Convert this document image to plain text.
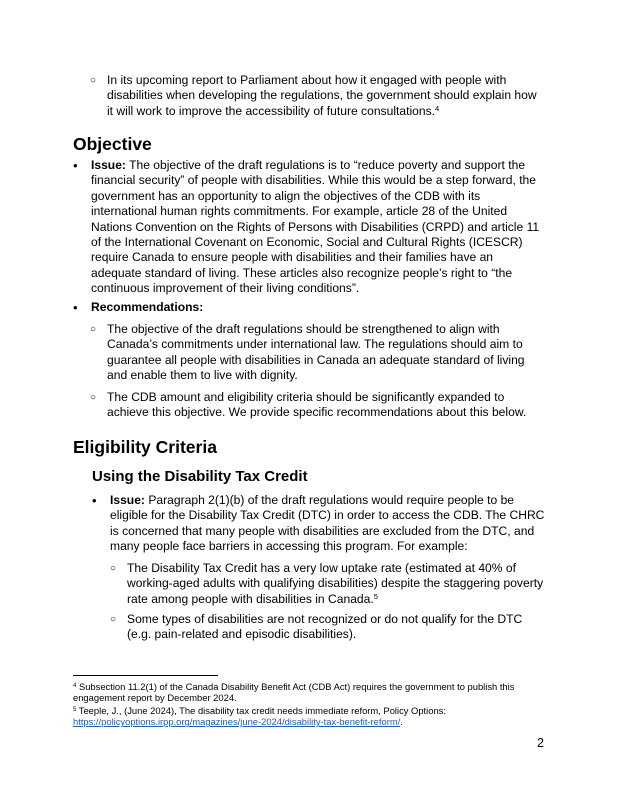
○ In its upcoming report to Parliament about how it engaged with people with disabilities when developing the regulations, the government should explain how it will work to improve the accessibility of future consultations.$^4$
Objective
•	Issue: The objective of the draft regulations is to “reduce poverty and support the financial security” of people with disabilities. While this would be a step forward, the government has an opportunity to align the objectives of the CDB with its international human rights commitments. For example, article 28 of the United Nations Convention on the Rights of Persons with Disabilities (CRPD) and article 11 of the International Covenant on Economic, Social and Cultural Rights (ICESCR) require Canada to ensure people with disabilities and their families have an adequate standard of living. These articles also recognize people’s right to “the continuous improvement of their living conditions”.
•	Recommendations:
○ The objective of the draft regulations should be strengthened to align with Canada’s commitments under international law. The regulations should aim to guarantee all people with disabilities in Canada an adequate standard of living and enable them to live with dignity.
○ The CDB amount and eligibility criteria should be significantly expanded to achieve this objective. We provide specific recommendations about this below.
Eligibility Criteria
Using the Disability Tax Credit
•	Issue: Paragraph 2(1)(b) of the draft regulations would require people to be eligible for the Disability Tax Credit (DTC) in order to access the CDB. The CHRC is concerned that many people with disabilities are excluded from the DTC, and many people face barriers in accessing this program. For example:
○ The Disability Tax Credit has a very low uptake rate (estimated at 40% of working-aged adults with qualifying disabilities) despite the staggering poverty rate among people with disabilities in Canada.$^5$
○ Some types of disabilities are not recognized or do not qualify for the DTC (e.g. pain-related and episodic disabilities).
$^4$ Subsection 11.2(1) of the Canada Disability Benefit Act (CDB Act) requires the government to publish this engagement report by December 2024.
$^5$ Teeple, J., (June 2024), The disability tax credit needs immediate reform, Policy Options:
https://policyoptions.irpp.org/magazines/june-2024/disability-tax-benefit-reform/.
2
